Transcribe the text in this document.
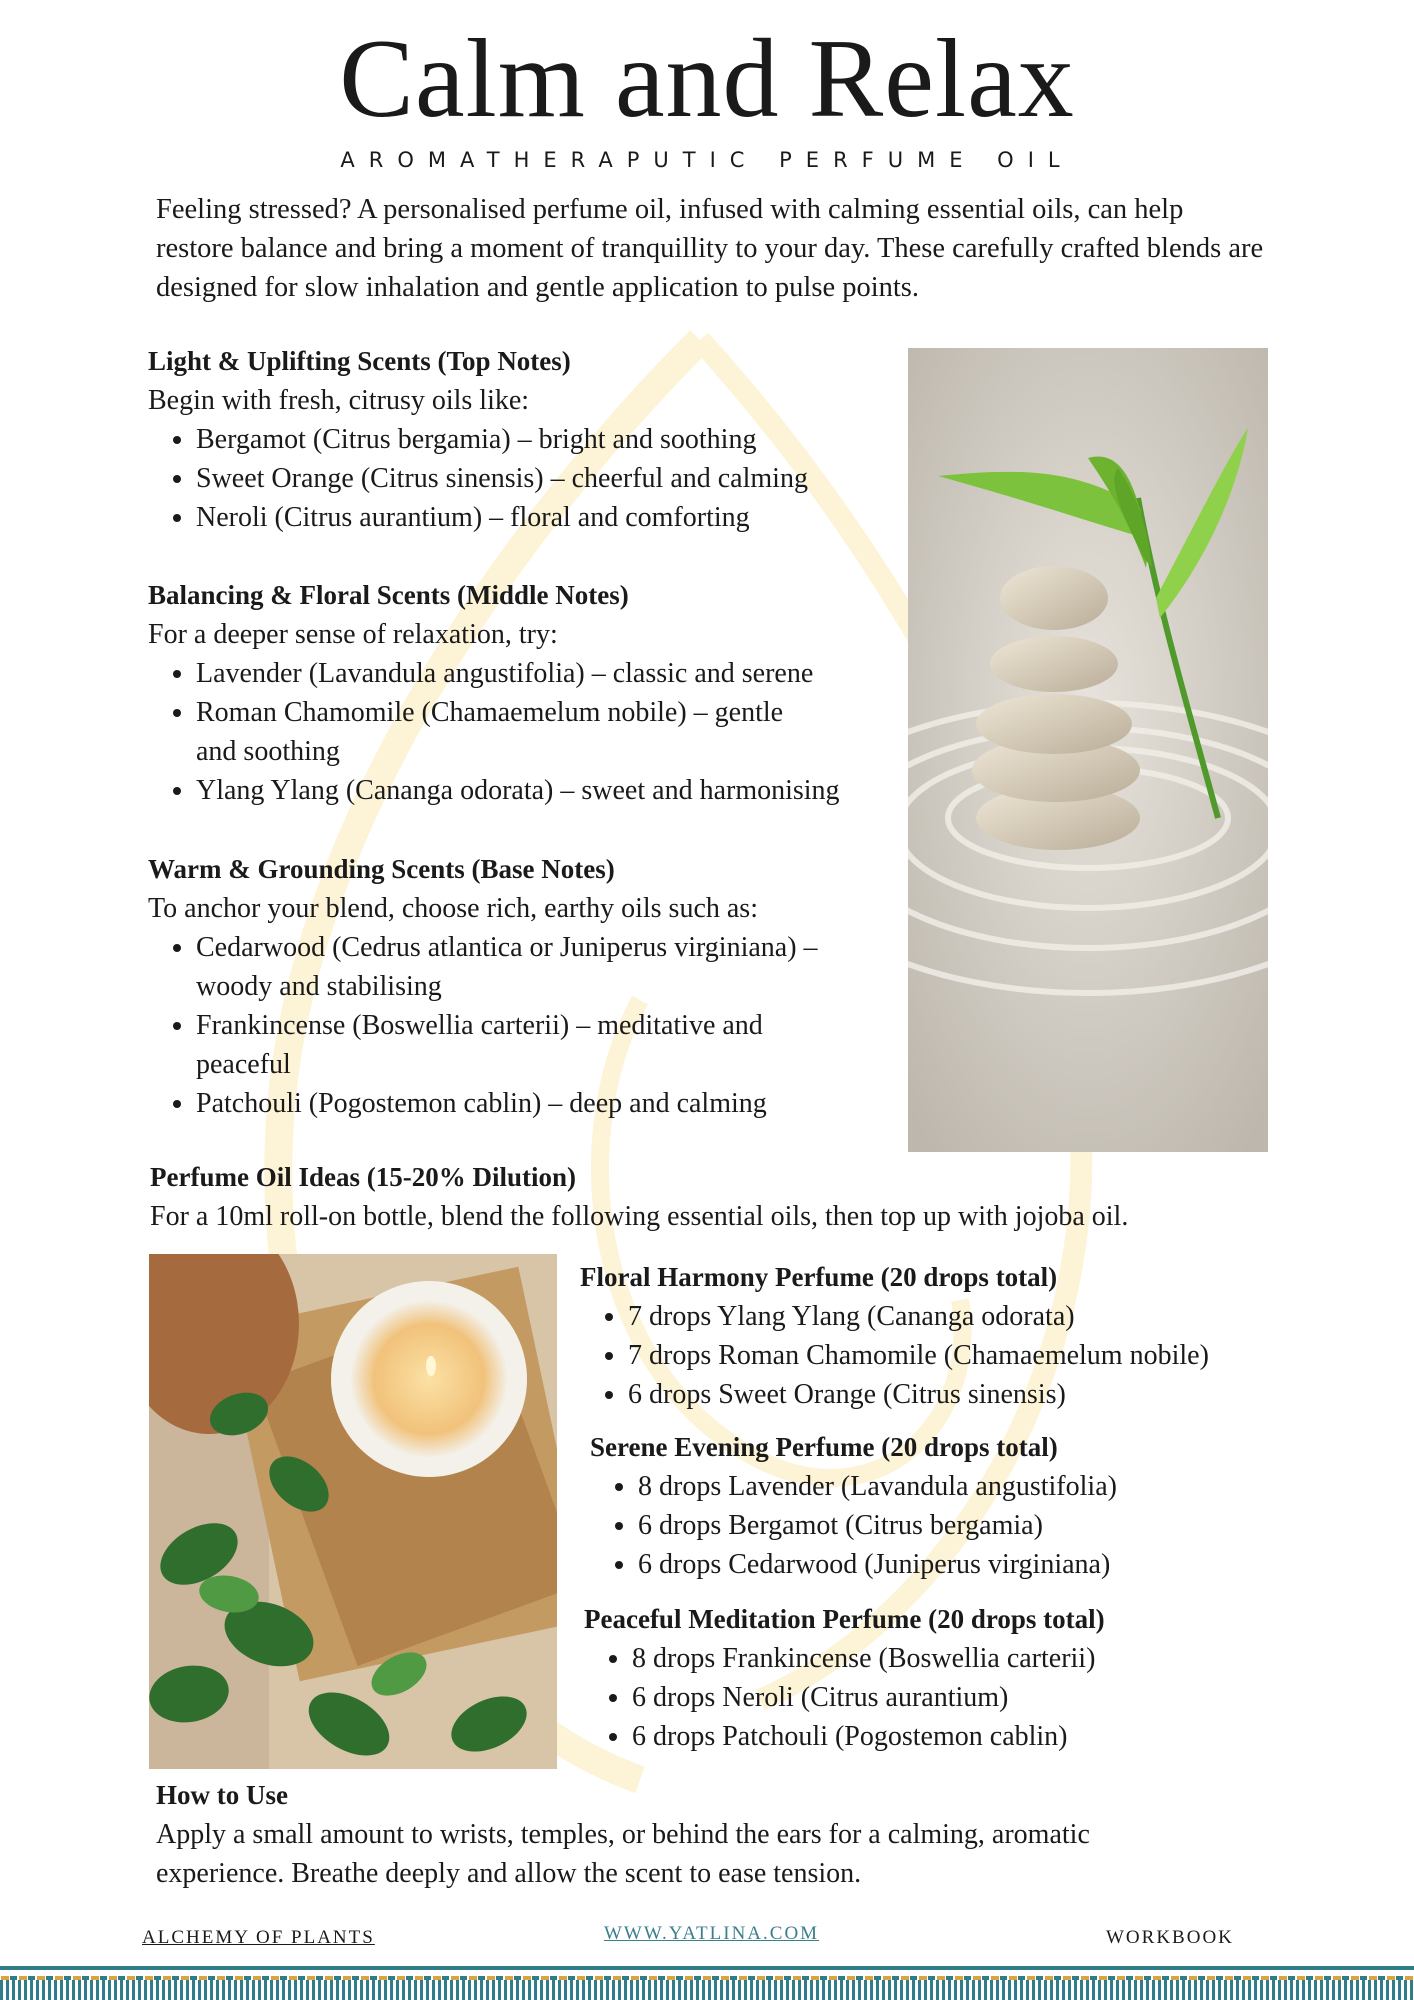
Calm and Relax
AROMATHERAPUTIC PERFUME OIL

Feeling stressed? A personalised perfume oil, infused with calming essential oils, can help restore balance and bring a moment of tranquillity to your day. These carefully crafted blends are designed for slow inhalation and gentle application to pulse points.

Light & Uplifting Scents (Top Notes)

Begin with fresh, citrusy oils like:

• Bergamot (Citrus bergamia) – bright and soothing
• Sweet Orange (Citrus sinensis) – cheerful and calming
• Neroli (Citrus aurantium) – floral and comforting

Balancing & Floral Scents (Middle Notes)

For a deeper sense of relaxation, try:

• Lavender (Lavandula angustifolia) – classic and serene
• Roman Chamomile (Chamaemelum nobile) – gentle and soothing
• Ylang Ylang (Cananga odorata) – sweet and harmonising

Warm & Grounding Scents (Base Notes)

To anchor your blend, choose rich, earthy oils such as:

• Cedarwood (Cedrus atlantica or Juniperus virginiana) – woody and stabilising
• Frankincense (Boswellia carterii) – meditative and peaceful
• Patchouli (Pogostemon cablin) – deep and calming

Perfume Oil Ideas (15-20% Dilution)

For a 10ml roll-on bottle, blend the following essential oils, then top up with jojoba oil.

Floral Harmony Perfume (20 drops total)

• 7 drops Ylang Ylang (Cananga odorata)
• 7 drops Roman Chamomile (Chamaemelum nobile)
• 6 drops Sweet Orange (Citrus sinensis)

Serene Evening Perfume (20 drops total)

• 8 drops Lavender (Lavandula angustifolia)
• 6 drops Bergamot (Citrus bergamia)
• 6 drops Cedarwood (Juniperus virginiana)

Peaceful Meditation Perfume (20 drops total)

• 8 drops Frankincense (Boswellia carterii)
• 6 drops Neroli (Citrus aurantium)
• 6 drops Patchouli (Pogostemon cablin)

How to Use

Apply a small amount to wrists, temples, or behind the ears for a calming, aromatic experience. Breathe deeply and allow the scent to ease tension.

ALCHEMY OF PLANTS	WWW.YATLINA.COM	WORKBOOK
